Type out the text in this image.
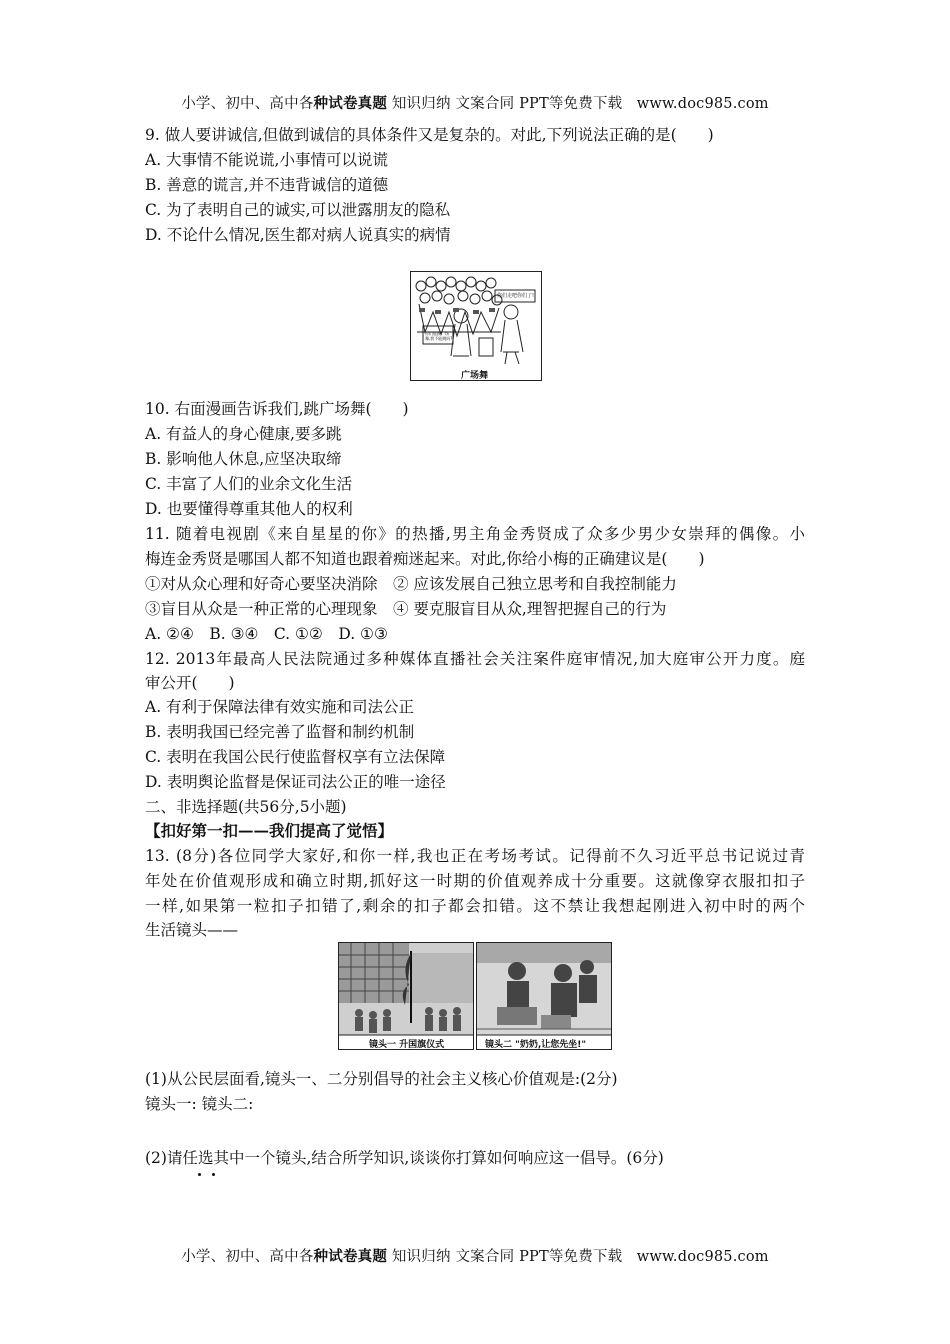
小学、初中、高中各种试卷真题 知识归纳 文案合同 PPT等免费下载 www.doc985.com
9. 做人要讲诚信,但做到诚信的具体条件又是复杂的。对此,下列说法正确的是(　　)
A. 大事情不能说谎,小事情可以说谎
B. 善意的谎言,并不违背诚信的道德
C. 为了表明自己的诚实,可以泄露朋友的隐私
D. 不论什么情况,医生都对病人说真实的病情
你们走吧你们了!
你们能跳广场舞,我不能跳吗?
广场舞
10. 右面漫画告诉我们,跳广场舞(　　)
A. 有益人的身心健康,要多跳
B. 影响他人休息,应坚决取缔
C. 丰富了人们的业余文化生活
D. 也要懂得尊重其他人的权利
11. 随着电视剧《来自星星的你》的热播,男主角金秀贤成了众多少男少女崇拜的偶像。小
梅连金秀贤是哪国人都不知道也跟着痴迷起来。对此,你给小梅的正确建议是(　　)
①对从众心理和好奇心要坚决消除　② 应该发展自己独立思考和自我控制能力
③盲目从众是一种正常的心理现象　④ 要克服盲目从众,理智把握自己的行为
A. ②④　B. ③④　C. ①②　D. ①③
12. 2013年最高人民法院通过多种媒体直播社会关注案件庭审情况,加大庭审公开力度。庭
审公开(　　)
A. 有利于保障法律有效实施和司法公正
B. 表明我国已经完善了监督和制约机制
C. 表明在我国公民行使监督权享有立法保障
D. 表明舆论监督是保证司法公正的唯一途径
二、非选择题(共56分,5小题)
【扣好第一扣——我们提高了觉悟】
13. (8分)各位同学大家好,和你一样,我也正在考场考试。记得前不久习近平总书记说过青
年处在价值观形成和确立时期,抓好这一时期的价值观养成十分重要。这就像穿衣服扣扣子
一样,如果第一粒扣子扣错了,剩余的扣子都会扣错。这不禁让我想起刚进入初中时的两个
生活镜头——
镜头一 升国旗仪式	镜头二 "奶奶,让您先坐!"
(1)从公民层面看,镜头一、二分别倡导的社会主义核心价值观是:(2分)
镜头一: 镜头二:
(2)请任选其中一个镜头,结合所学知识,谈谈你打算如何响应这一倡导。(6分)
小学、初中、高中各种试卷真题 知识归纳 文案合同 PPT等免费下载 www.doc985.com
